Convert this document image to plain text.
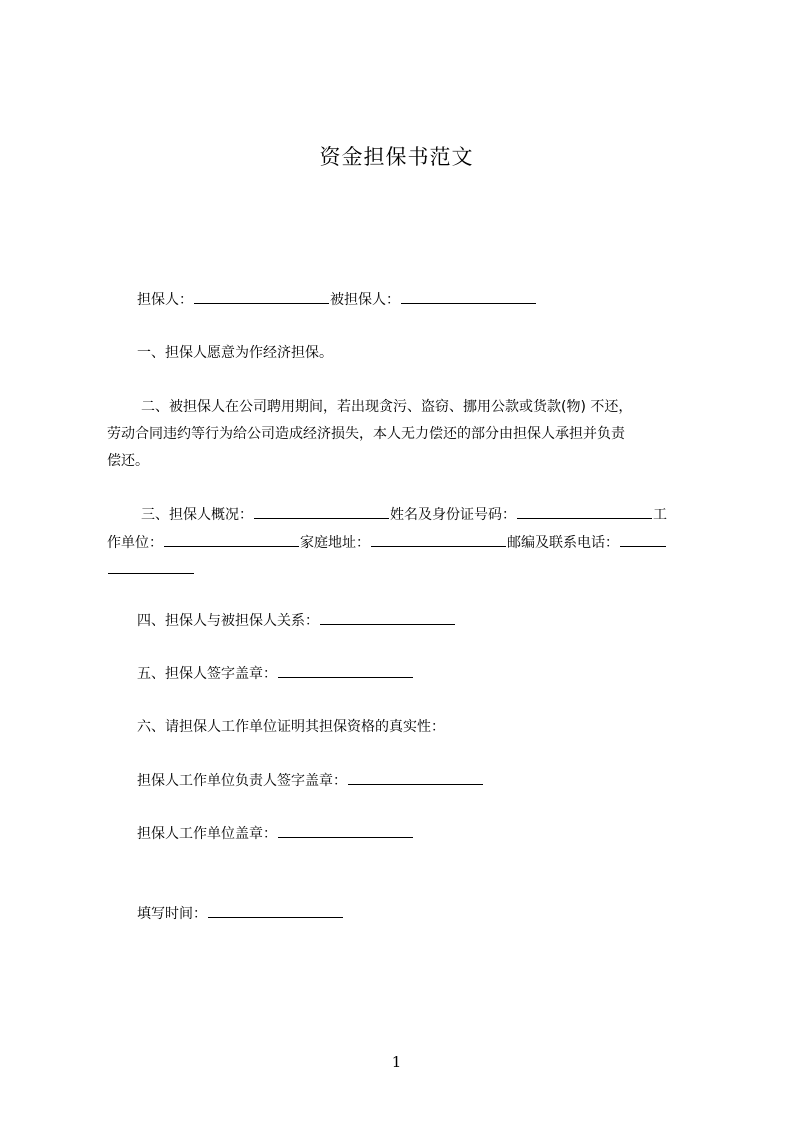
资金担保书范文
担保人：	被担保人：
一、担保人愿意为作经济担保。
二、被担保人在公司聘用期间，若出现贪污、盗窃、挪用公款或货款(物) 不还，
劳动合同违约等行为给公司造成经济损失，本人无力偿还的部分由担保人承担并负责
偿还。
三、担保人概况：	姓名及身份证号码：	工
作单位：	家庭地址：	邮编及联系电话：
四、担保人与被担保人关系：
五、担保人签字盖章：
六、请担保人工作单位证明其担保资格的真实性：
担保人工作单位负责人签字盖章：
担保人工作单位盖章：
填写时间：
1
